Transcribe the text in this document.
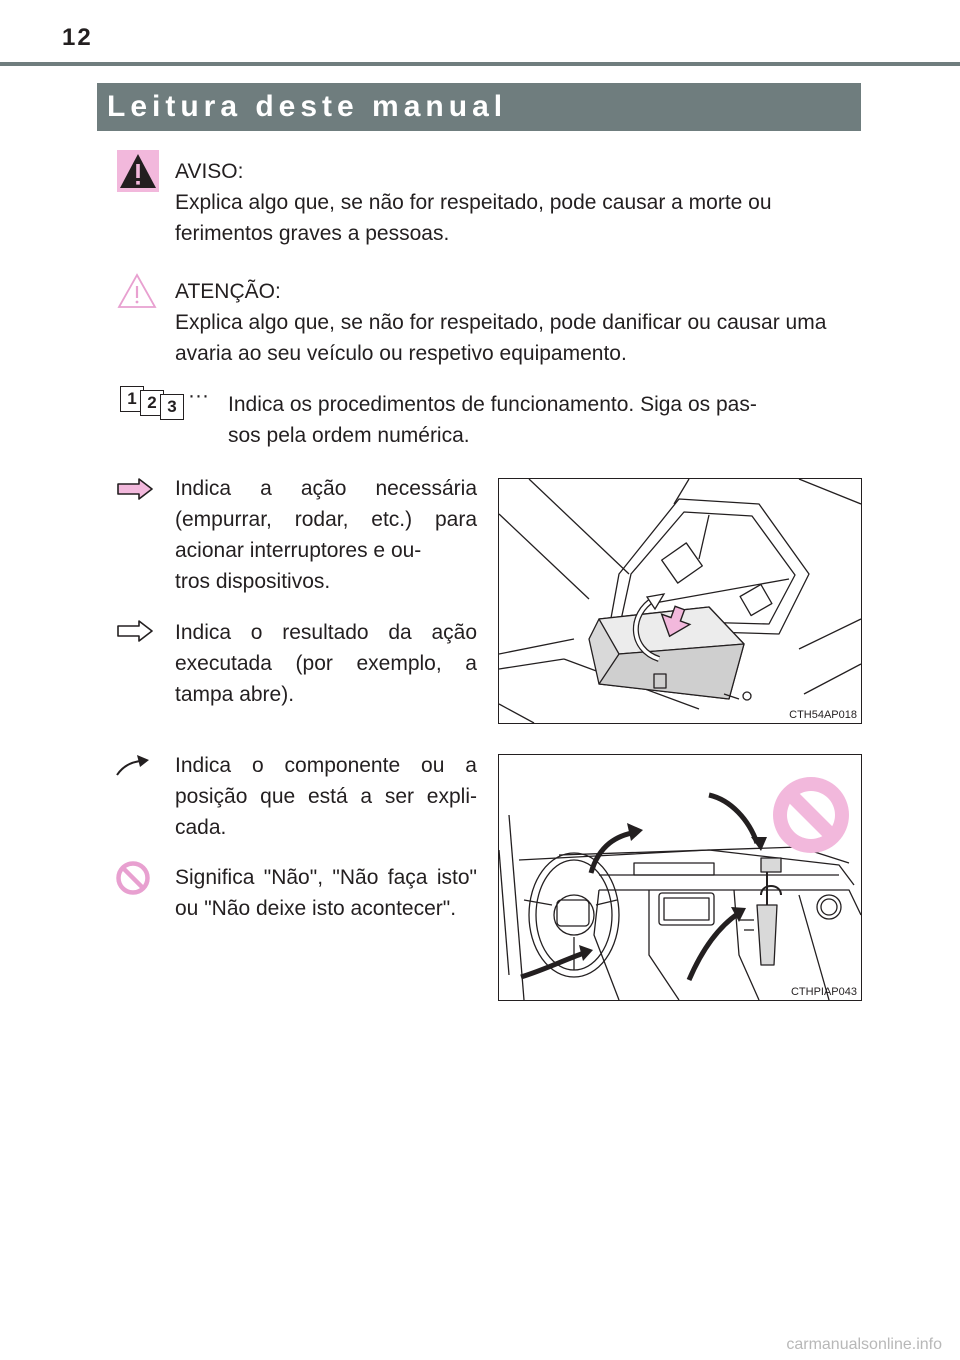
12
Leitura deste manual

AVISO:

Explica algo que, se não for respeitado, pode causar a morte ou ferimentos graves a pessoas.

ATENÇÃO:

Explica algo que, se não for respeitado, pode danificar ou causar uma avaria ao seu veículo ou respetivo equipamento.

1 2 3 ··· Indica os procedimentos de funcionamento. Siga os pas-

sos pela ordem numérica.

Indica a ação necessária (empurrar, rodar, etc.) para

acionar interruptores e ou-

tros dispositivos.

Indica o resultado da ação executada (por exemplo, a tampa abre).

CTH54AP018

Indica o componente ou a posição que está a ser expli-

cada.

Significa "Não", "Não faça isto" ou "Não deixe isto acontecer".

CTHPIAP043
carmanualsonline.info
